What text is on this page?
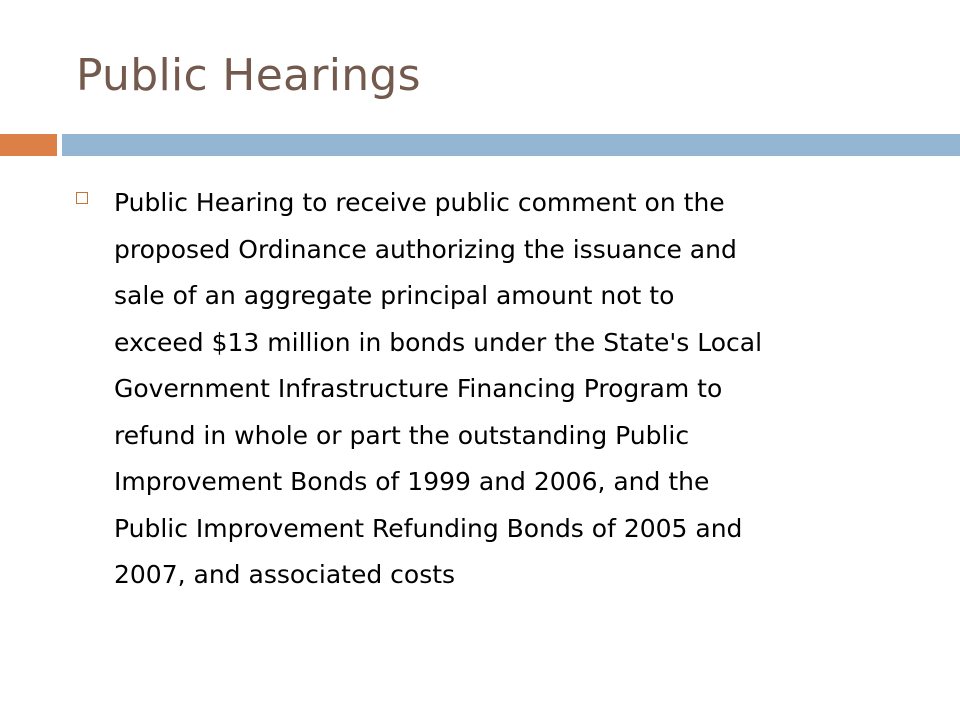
Public Hearings

Public Hearing to receive public comment on the
proposed Ordinance authorizing the issuance and
sale of an aggregate principal amount not to
exceed $13 million in bonds under the State's Local
Government Infrastructure Financing Program to
refund in whole or part the outstanding Public
Improvement Bonds of 1999 and 2006, and the
Public Improvement Refunding Bonds of 2005 and
2007, and associated costs
